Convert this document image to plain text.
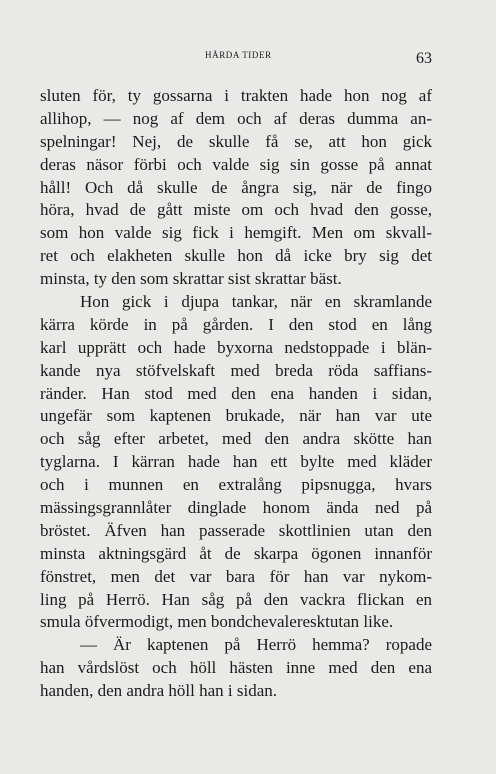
HÅRDA TIDER	63
sluten för, ty gossarna i trakten hade hon nog af
allihop, — nog af dem och af deras dumma an-
spelningar! Nej, de skulle få se, att hon gick
deras näsor förbi och valde sig sin gosse på annat
håll! Och då skulle de ångra sig, när de fingo
höra, hvad de gått miste om och hvad den gosse,
som hon valde sig fick i hemgift. Men om skvall-
ret och elakheten skulle hon då icke bry sig det
minsta, ty den som skrattar sist skrattar bäst.
Hon gick i djupa tankar, när en skramlande
kärra körde in på gården. I den stod en lång
karl upprätt och hade byxorna nedstoppade i blän-
kande nya stöfvelskaft med breda röda saffians-
ränder. Han stod med den ena handen i sidan,
ungefär som kaptenen brukade, när han var ute
och såg efter arbetet, med den andra skötte han
tyglarna. I kärran hade han ett bylte med kläder
och i munnen en extralång pipsnugga, hvars
mässingsgrannlåter dinglade honom ända ned på
bröstet. Äfven han passerade skottlinien utan den
minsta aktningsgärd åt de skarpa ögonen innanför
fönstret, men det var bara för han var nykom-
ling på Herrö. Han såg på den vackra flickan en
smula öfvermodigt, men bondchevaleresktutan like.
— Är kaptenen på Herrö hemma? ropade
han vårdslöst och höll hästen inne med den ena
handen, den andra höll han i sidan.
